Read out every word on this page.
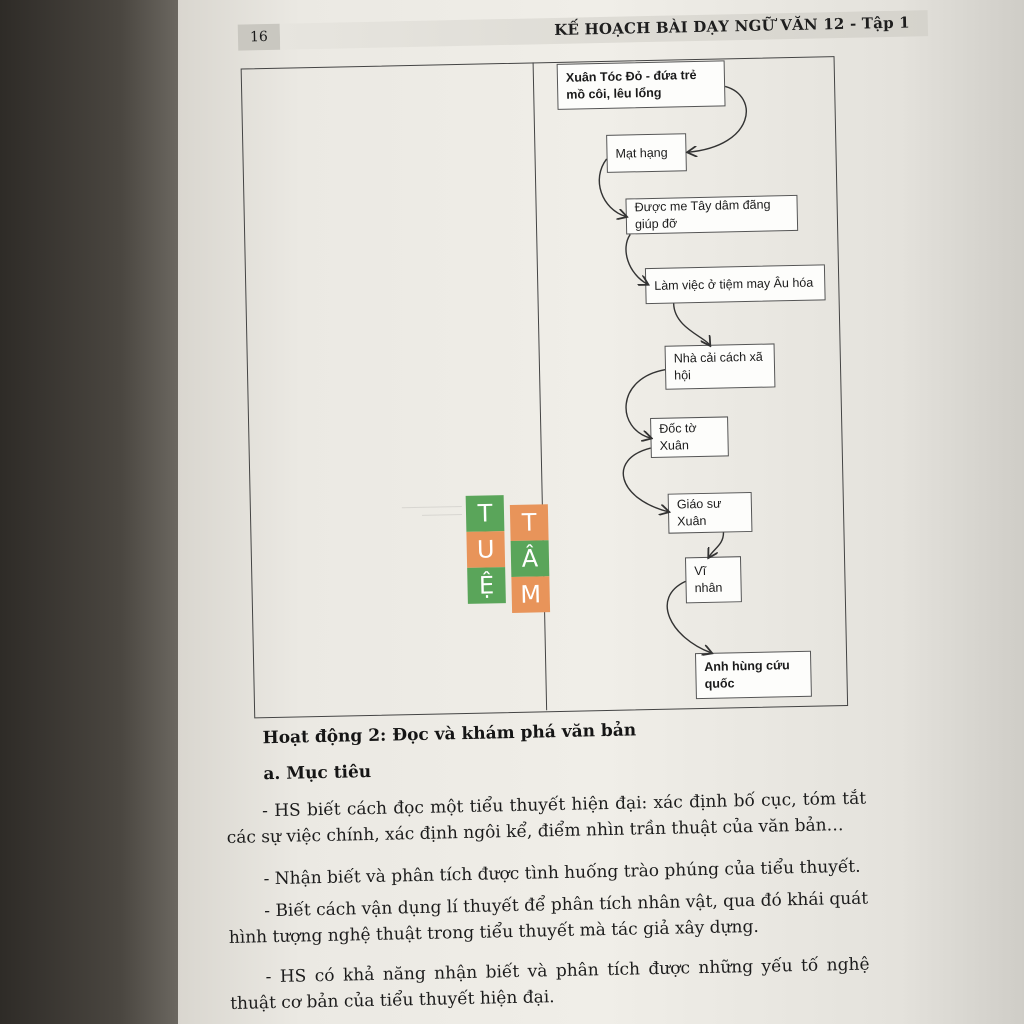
16	KẾ HOẠCH BÀI DẠY NGỮ VĂN 12 - Tập 1
Xuân Tóc Đỏ - đứa trẻ mồ côi, lêu lổng
Mạt hạng
Được me Tây dâm đãng giúp đỡ
Làm việc ở tiệm may Âu hóa
Nhà cải cách xã hội
Đốc tờ Xuân
Giáo sư Xuân
Vĩ nhân
Anh hùng cứu quốc
T
U
Ệ
T
Â
M
Hoạt động 2: Đọc và khám phá văn bản
a. Mục tiêu

- HS biết cách đọc một tiểu thuyết hiện đại: xác định bố cục, tóm tắt các sự việc chính, xác định ngôi kể, điểm nhìn trần thuật của văn bản…

- Nhận biết và phân tích được tình huống trào phúng của tiểu thuyết.

- Biết cách vận dụng lí thuyết để phân tích nhân vật, qua đó khái quát hình tượng nghệ thuật trong tiểu thuyết mà tác giả xây dựng.

- HS có khả năng nhận biết và phân tích được những yếu tố nghệ thuật cơ bản của tiểu thuyết hiện đại.
